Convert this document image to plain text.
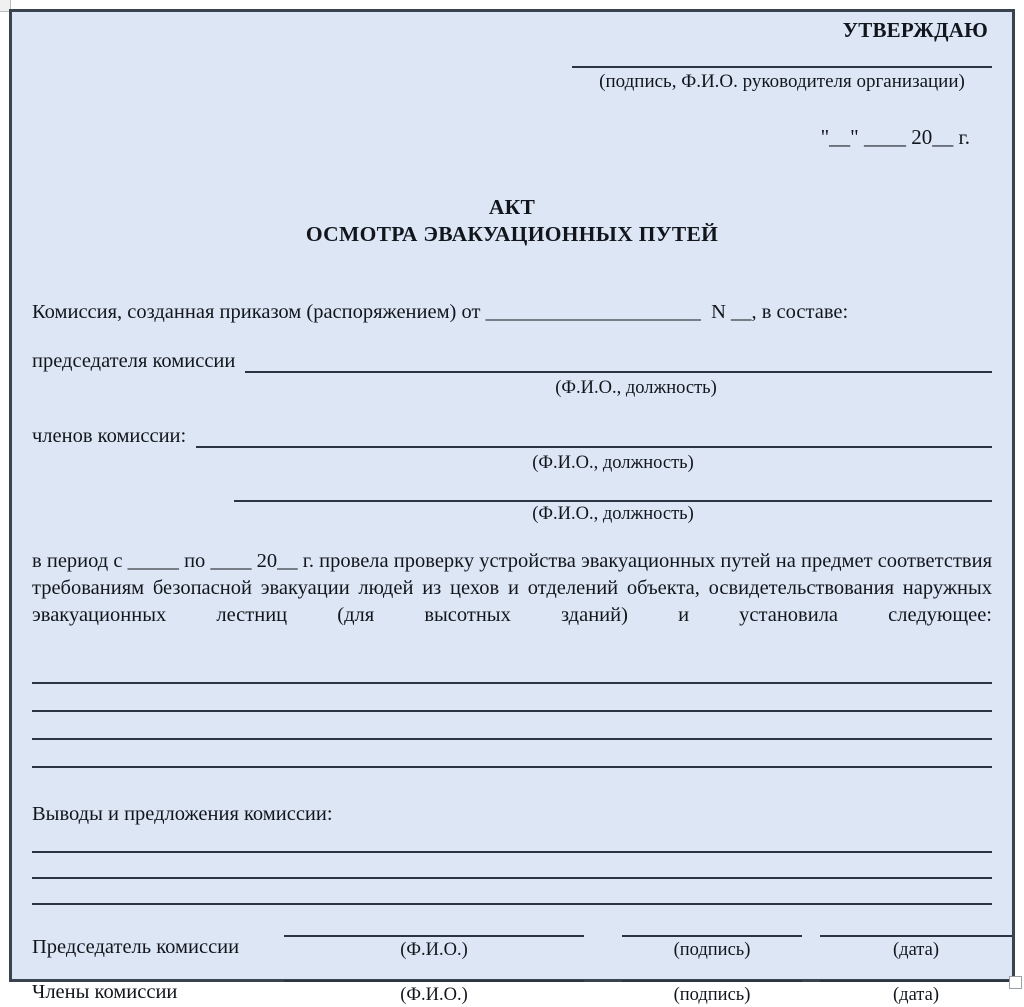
УТВЕРЖДАЮ
(подпись, Ф.И.О. руководителя организации)
"__" ____ 20__ г.
АКТ
ОСМОТРА ЭВАКУАЦИОННЫХ ПУТЕЙ
Комиссия, созданная приказом (распоряжением) от _____________________  N __, в составе:
председателя комиссии
(Ф.И.О., должность)
членов комиссии:
(Ф.И.О., должность)
(Ф.И.О., должность)
в период с _____ по ____ 20__ г. провела проверку устройства эвакуационных путей на предмет соответствия требованиям безопасной эвакуации людей из цехов и отделений объекта, освидетельствования наружных эвакуационных лестниц (для высотных зданий) и установила следующее:
Выводы и предложения комиссии:
Председатель комиссии	(Ф.И.О.)	(подпись)	(дата)
Члены комиссии	(Ф.И.О.)	(подпись)	(дата)
